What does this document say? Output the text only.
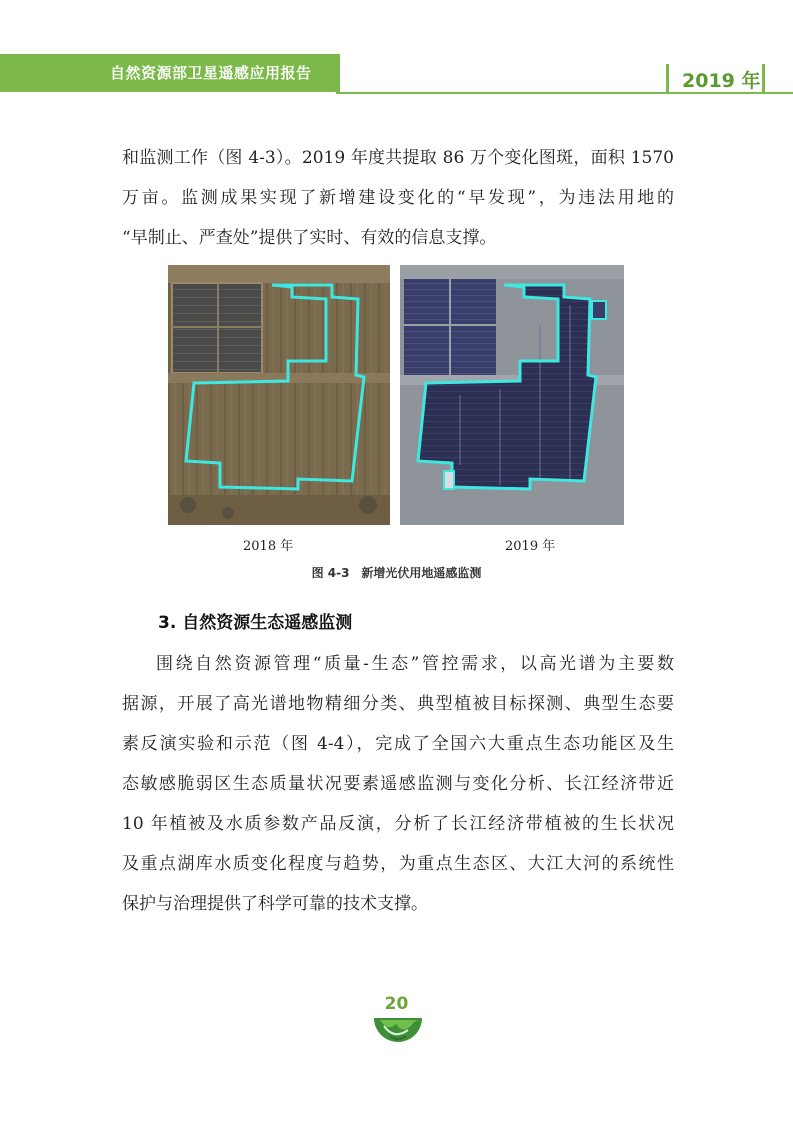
自然资源部卫星遥感应用报告	2019 年
和监测工作（图 4-3）。2019 年度共提取 86 万个变化图斑，面积 1570
万亩。监测成果实现了新增建设变化的“早发现”，为违法用地的
“早制止、严查处”提供了实时、有效的信息支撑。
2018 年	2019 年
图 4-3　新增光伏用地遥感监测
3. 自然资源生态遥感监测
围绕自然资源管理“质量-生态”管控需求，以高光谱为主要数
据源，开展了高光谱地物精细分类、典型植被目标探测、典型生态要
素反演实验和示范（图 4-4），完成了全国六大重点生态功能区及生
态敏感脆弱区生态质量状况要素遥感监测与变化分析、长江经济带近
10 年植被及水质参数产品反演，分析了长江经济带植被的生长状况
及重点湖库水质变化程度与趋势，为重点生态区、大江大河的系统性
保护与治理提供了科学可靠的技术支撑。
20
